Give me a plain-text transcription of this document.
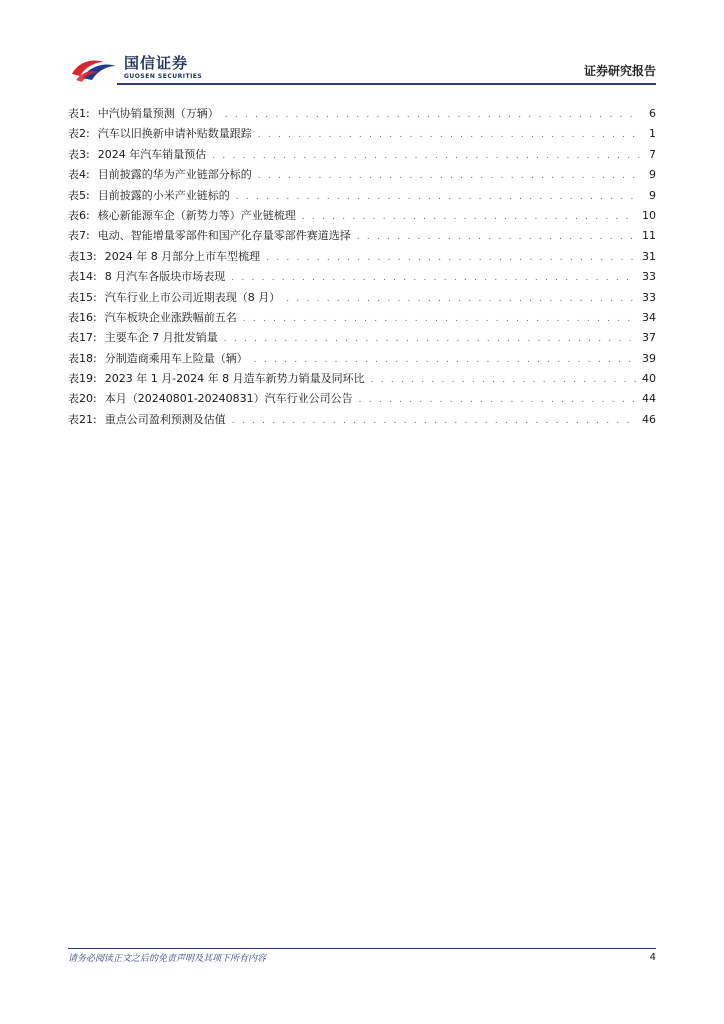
国信证券
GUOSEN SECURITIES	证券研究报告
表1: 中汽协销量预测（万辆） . . .	6
表2: 汽车以旧换新申请补贴数量跟踪 . . .	1
表3: 2024 年汽车销量预估 . . .	7
表4: 目前披露的华为产业链部分标的 . . .	9
表5: 目前披露的小米产业链标的 . . .	9
表6: 核心新能源车企（新势力等）产业链梳理 . . .	10
表7: 电动、智能增量零部件和国产化存量零部件赛道选择 . . .	11
表13: 2024 年 8 月部分上市车型梳理 . . .	31
表14: 8 月汽车各版块市场表现 . . .	33
表15: 汽车行业上市公司近期表现（8 月） . . .	33
表16: 汽车板块企业涨跌幅前五名 . . .	34
表17: 主要车企 7 月批发销量 . . .	37
表18: 分制造商乘用车上险量（辆） . . .	39
表19: 2023 年 1 月-2024 年 8 月造车新势力销量及同环比 . . .	40
表20: 本月（20240801-20240831）汽车行业公司公告 . . .	44
表21: 重点公司盈利预测及估值 . . .	46
请务必阅读正文之后的免责声明及其项下所有内容	4
